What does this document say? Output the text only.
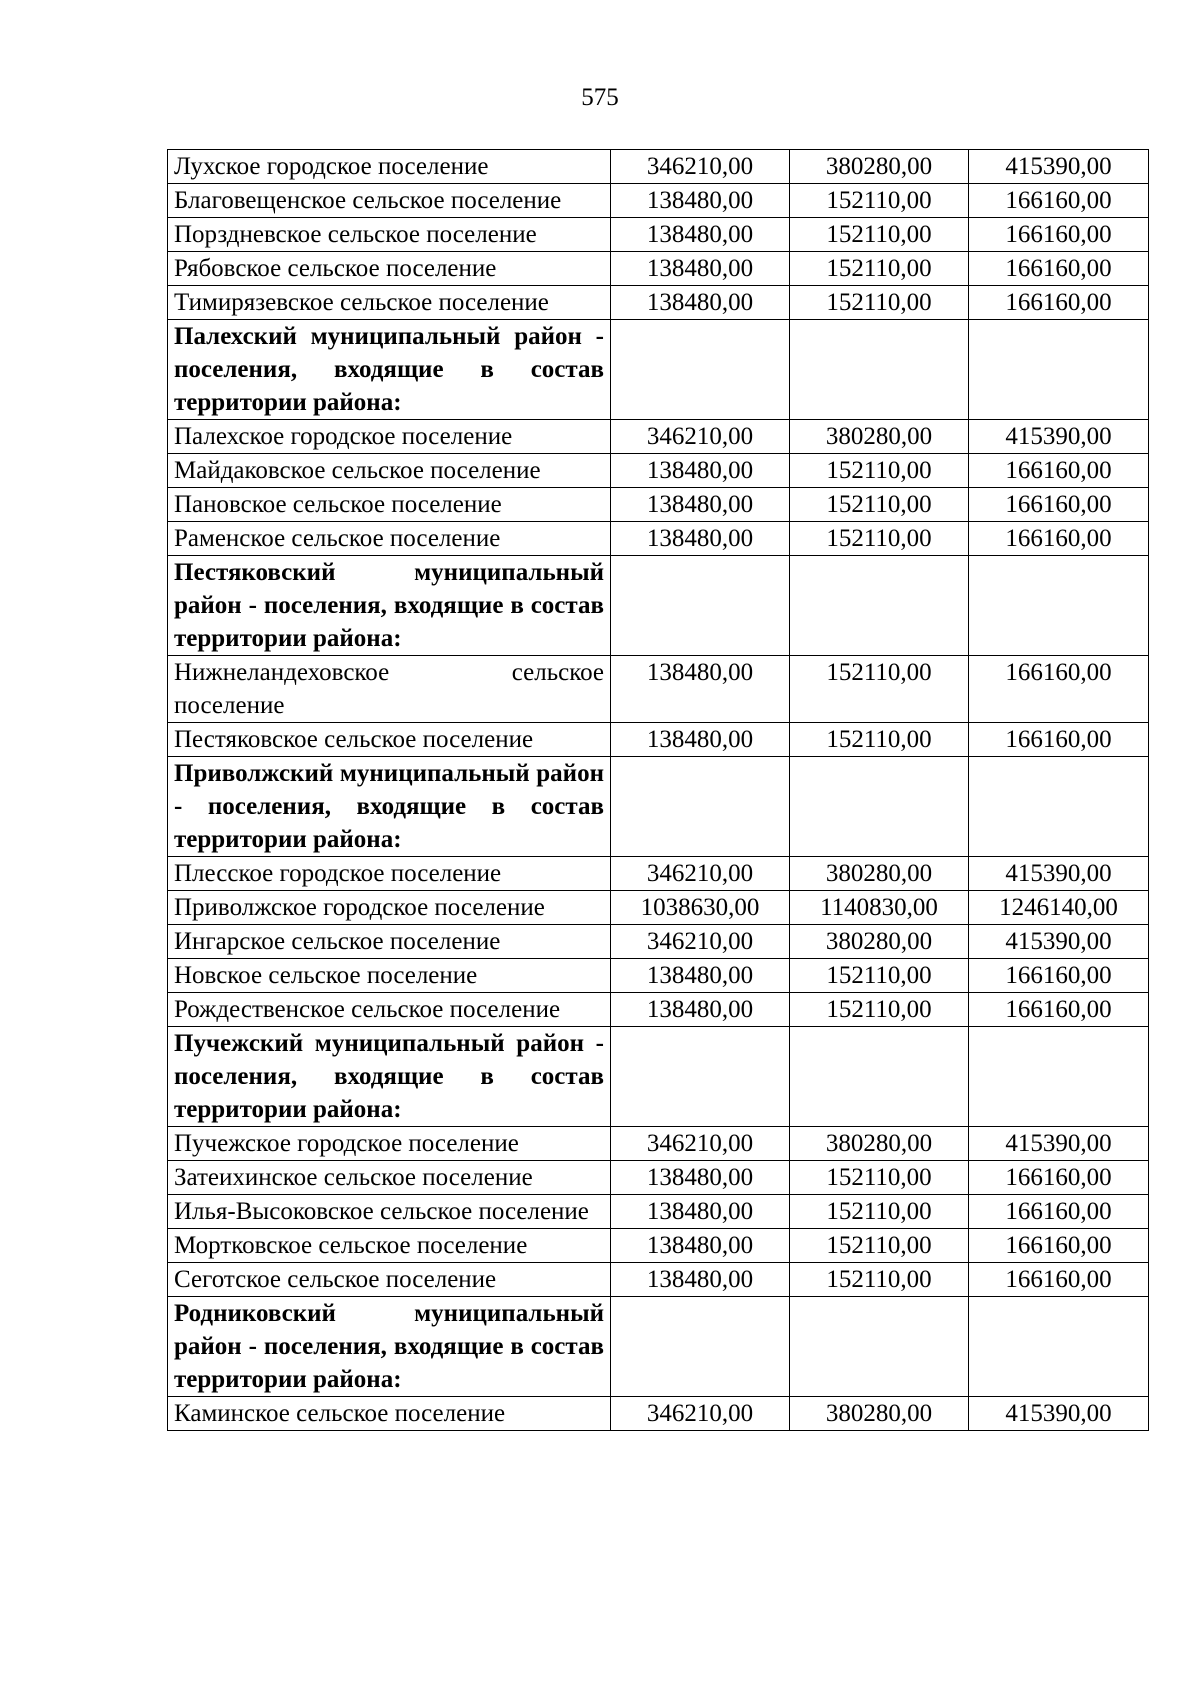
575
Лухское городское поселение	346210,00	380280,00	415390,00
Благовещенское сельское поселение	138480,00	152110,00	166160,00
Порздневское сельское поселение	138480,00	152110,00	166160,00
Рябовское сельское поселение	138480,00	152110,00	166160,00
Тимирязевское сельское поселение	138480,00	152110,00	166160,00
Палехский муниципальный район - поселения, входящие в состав территории района:			
Палехское городское поселение	346210,00	380280,00	415390,00
Майдаковское сельское поселение	138480,00	152110,00	166160,00
Пановское сельское поселение	138480,00	152110,00	166160,00
Раменское сельское поселение	138480,00	152110,00	166160,00
Пестяковский муниципальный район - поселения, входящие в состав территории района:			
Нижнеландеховское сельское поселение	138480,00	152110,00	166160,00
Пестяковское сельское поселение	138480,00	152110,00	166160,00
Приволжский муниципальный район - поселения, входящие в состав территории района:			
Плесское городское поселение	346210,00	380280,00	415390,00
Приволжское городское поселение	1038630,00	1140830,00	1246140,00
Ингарское сельское поселение	346210,00	380280,00	415390,00
Новское сельское поселение	138480,00	152110,00	166160,00
Рождественское сельское поселение	138480,00	152110,00	166160,00
Пучежский муниципальный район - поселения, входящие в состав территории района:			
Пучежское городское поселение	346210,00	380280,00	415390,00
Затеихинское сельское поселение	138480,00	152110,00	166160,00
Илья-Высоковское сельское поселение	138480,00	152110,00	166160,00
Мортковское сельское поселение	138480,00	152110,00	166160,00
Сеготское сельское поселение	138480,00	152110,00	166160,00
Родниковский муниципальный район - поселения, входящие в состав территории района:			
Каминское сельское поселение	346210,00	380280,00	415390,00
